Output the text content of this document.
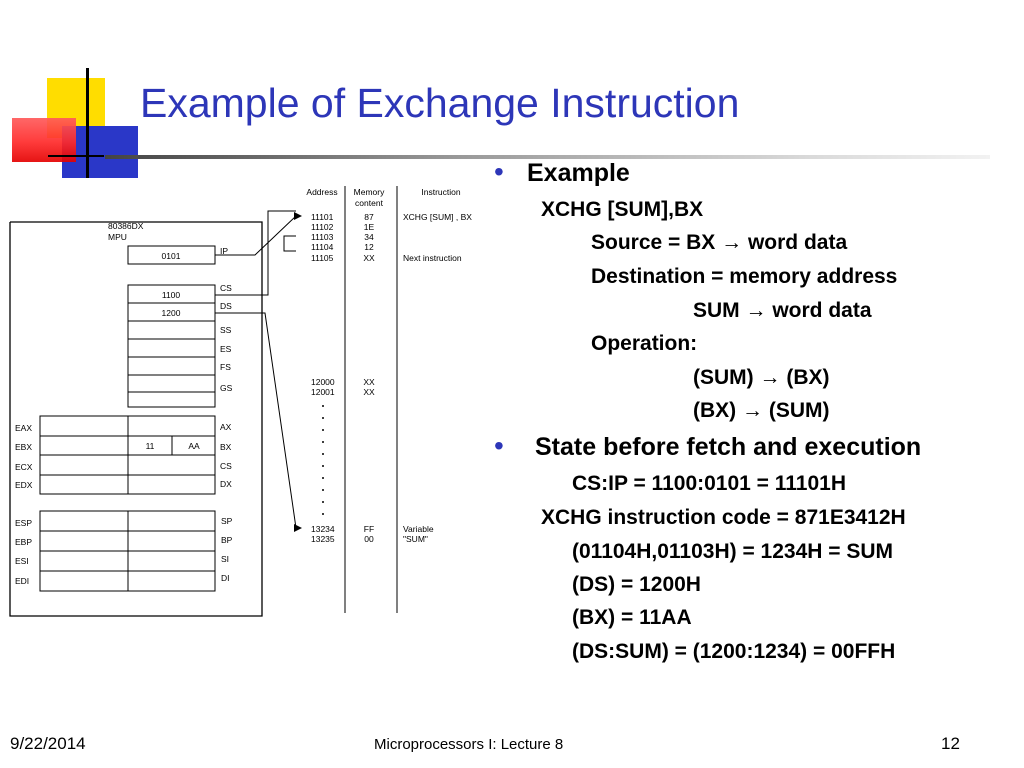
Example of Exchange Instruction
• Example
XCHG [SUM],BX
Source = BX → word data
Destination = memory address
SUM → word data
Operation:
(SUM) → (BX)
(BX) → (SUM)
• State before fetch and execution
CS:IP = 1100:0101 = 11101H
XCHG instruction code = 871E3412H
(01104H,01103H) = 1234H = SUM
(DS) = 1200H
(BX) = 11AA
(DS:SUM) = (1200:1234) = 00FFH
80386DX
MPU
0101
1100
1200
IP
CS
DS
SS
ES
FS
GS
EAX
EBX
ECX
EDX
AX
BX
CS
DX
11	AA
ESP
EBP
ESI
EDI
SP
BP
SI
DI
Address Memory
content
Instruction
11101	87	XCHG [SUM] , BX
11102	1E
11103	34
11104	12
11105	XX	Next instruction
12000	XX
12001	XX
13234	FF	Variable
13235	00	"SUM"
9/22/2014	Microprocessors I: Lecture 8	12
